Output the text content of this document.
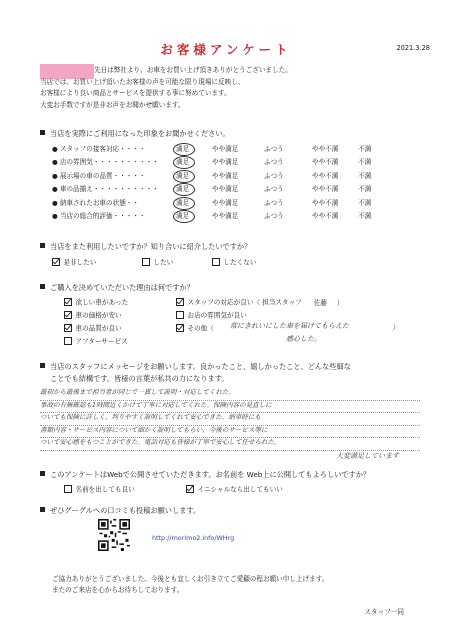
お客様アンケート	2021.3.28
先日は弊社より、お車をお買い上げ頂きありがとうございました。
当店では、お買い上げ頂いたお客様の声を可能な限り現場に反映し、
お客様により良い商品とサービスを提供する事に努めています。
大変お手数ですが是非お声をお聞かせ願います。
当店を実際にご利用になった印象をお聞かせください。
● スタッフの接客対応・・・・	満足	やや満足	ふつう	やや不満	不満
● 店の雰囲気・・・・・・・・・・	満足	やや満足	ふつう	やや不満	不満
● 展示場の車の品質・・・・・	満足	やや満足	ふつう	やや不満	不満
● 車の品揃え・・・・・・・・・・	満足	やや満足	ふつう	やや不満	不満
● 納車されたお車の状態・・	満足	やや満足	ふつう	やや不満	不満
● 当店の総合的評価・・・・・	満足	やや満足	ふつう	やや不満	不満
当店をまた利用したいですか？知り合いに紹介したいですか？
是非したい	したい	したくない
ご購入を決めていただいた理由は何ですか？
欲しい車があった
車の価格が安い
車の品質が良い
アフターサービス
スタッフの対応が良い（ 担当スタッフ 佐藤 ）
お店の雰囲気が良い
その他（ 常にきれいにした車を届けてもらえた	）
感心した。
当店のスタッフにメッセージをお願いします。良かったこと、嬉しかったこと、どんな些細な
ことでも結構です。皆様の言葉が私共の力になります。
最初から最後まで担当者が同じで一貫して説明・対応してくれた。
事故の有無確認も1時間近くかけて丁寧に対応してくれた。保険内容の見直しに
ついても保険に詳しく、判りやすく説明してくれて安心できた。納車時にも
書類内容・サービス内容について細かく説明してもらい、今後のサービス等に
ついて安心感をもつことができた。電話対応も皆様が丁寧で安心して任せられた。
大変満足しています
このアンケートはWebで公開させていただきます。お名前を Web上に公開してもよろしいですか？
名前を出しても良い	イニシャルなら出してもいい
ぜひグーグルへの口コミも投稿お願いします。
http://morimo2.info/WHrg
ご協力ありがとうございました。今後とも宜しくお引き立てご愛顧の程お願い申し上げます。
またのご来店を心からお待ちしております。
スタッフ一同
